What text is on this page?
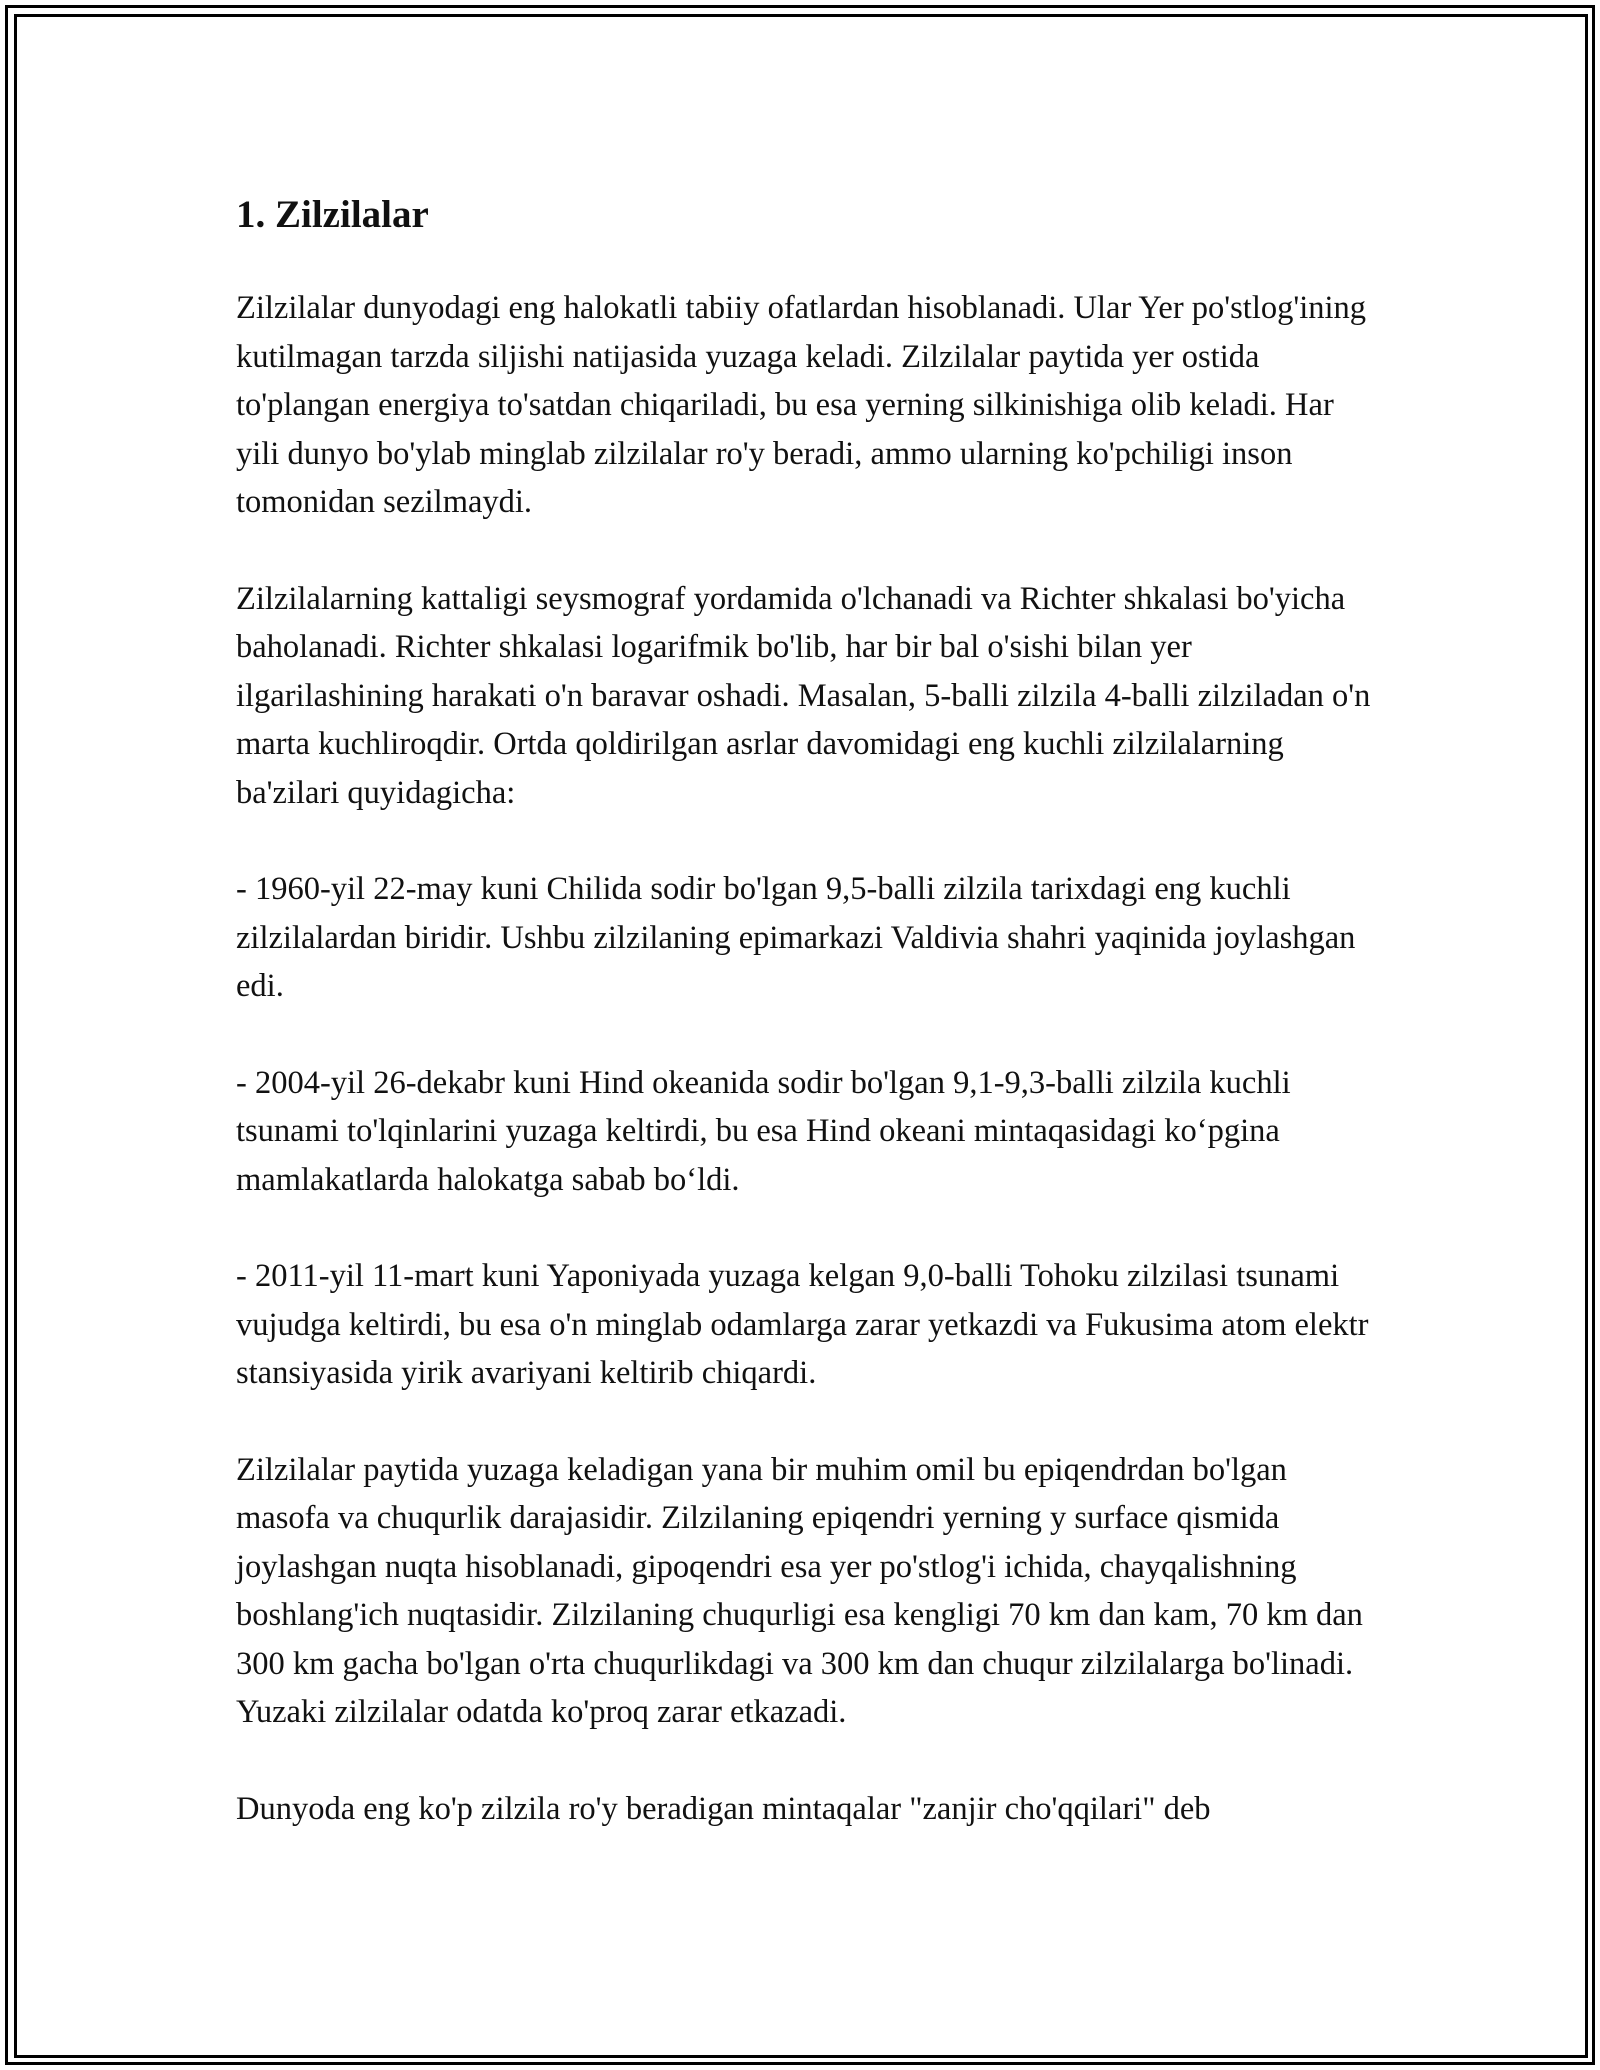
1. Zilzilalar

Zilzilalar dunyodagi eng halokatli tabiiy ofatlardan hisoblanadi. Ular Yer po'stlog'ining kutilmagan tarzda siljishi natijasida yuzaga keladi. Zilzilalar paytida yer ostida to'plangan energiya to'satdan chiqariladi, bu esa yerning silkinishiga olib keladi. Har yili dunyo bo'ylab minglab zilzilalar ro'y beradi, ammo ularning ko'pchiligi inson tomonidan sezilmaydi.

Zilzilalarning kattaligi seysmograf yordamida o'lchanadi va Richter shkalasi bo'yicha baholanadi. Richter shkalasi logarifmik bo'lib, har bir bal o'sishi bilan yer ilgarilashining harakati o'n baravar oshadi. Masalan, 5-balli zilzila 4-balli zilziladan o'n marta kuchliroqdir. Ortda qoldirilgan asrlar davomidagi eng kuchli zilzilalarning ba'zilari quyidagicha:

- 1960-yil 22-may kuni Chilida sodir bo'lgan 9,5-balli zilzila tarixdagi eng kuchli zilzilalardan biridir. Ushbu zilzilaning epimarkazi Valdivia shahri yaqinida joylashgan edi.

- 2004-yil 26-dekabr kuni Hind okeanida sodir bo'lgan 9,1-9,3-balli zilzila kuchli tsunami to'lqinlarini yuzaga keltirdi, bu esa Hind okeani mintaqasidagi ko‘pgina mamlakatlarda halokatga sabab bo‘ldi.

- 2011-yil 11-mart kuni Yaponiyada yuzaga kelgan 9,0-balli Tohoku zilzilasi tsunami vujudga keltirdi, bu esa o'n minglab odamlarga zarar yetkazdi va Fukusima atom elektr stansiyasida yirik avariyani keltirib chiqardi.

Zilzilalar paytida yuzaga keladigan yana bir muhim omil bu epiqendrdan bo'lgan masofa va chuqurlik darajasidir. Zilzilaning epiqendri yerning y surface qismida joylashgan nuqta hisoblanadi, gipoqendri esa yer po'stlog'i ichida, chayqalishning boshlang'ich nuqtasidir. Zilzilaning chuqurligi esa kengligi 70 km dan kam, 70 km dan 300 km gacha bo'lgan o'rta chuqurlikdagi va 300 km dan chuqur zilzilalarga bo'linadi. Yuzaki zilzilalar odatda ko'proq zarar etkazadi.

Dunyoda eng ko'p zilzila ro'y beradigan mintaqalar "zanjir cho'qqilari" deb
